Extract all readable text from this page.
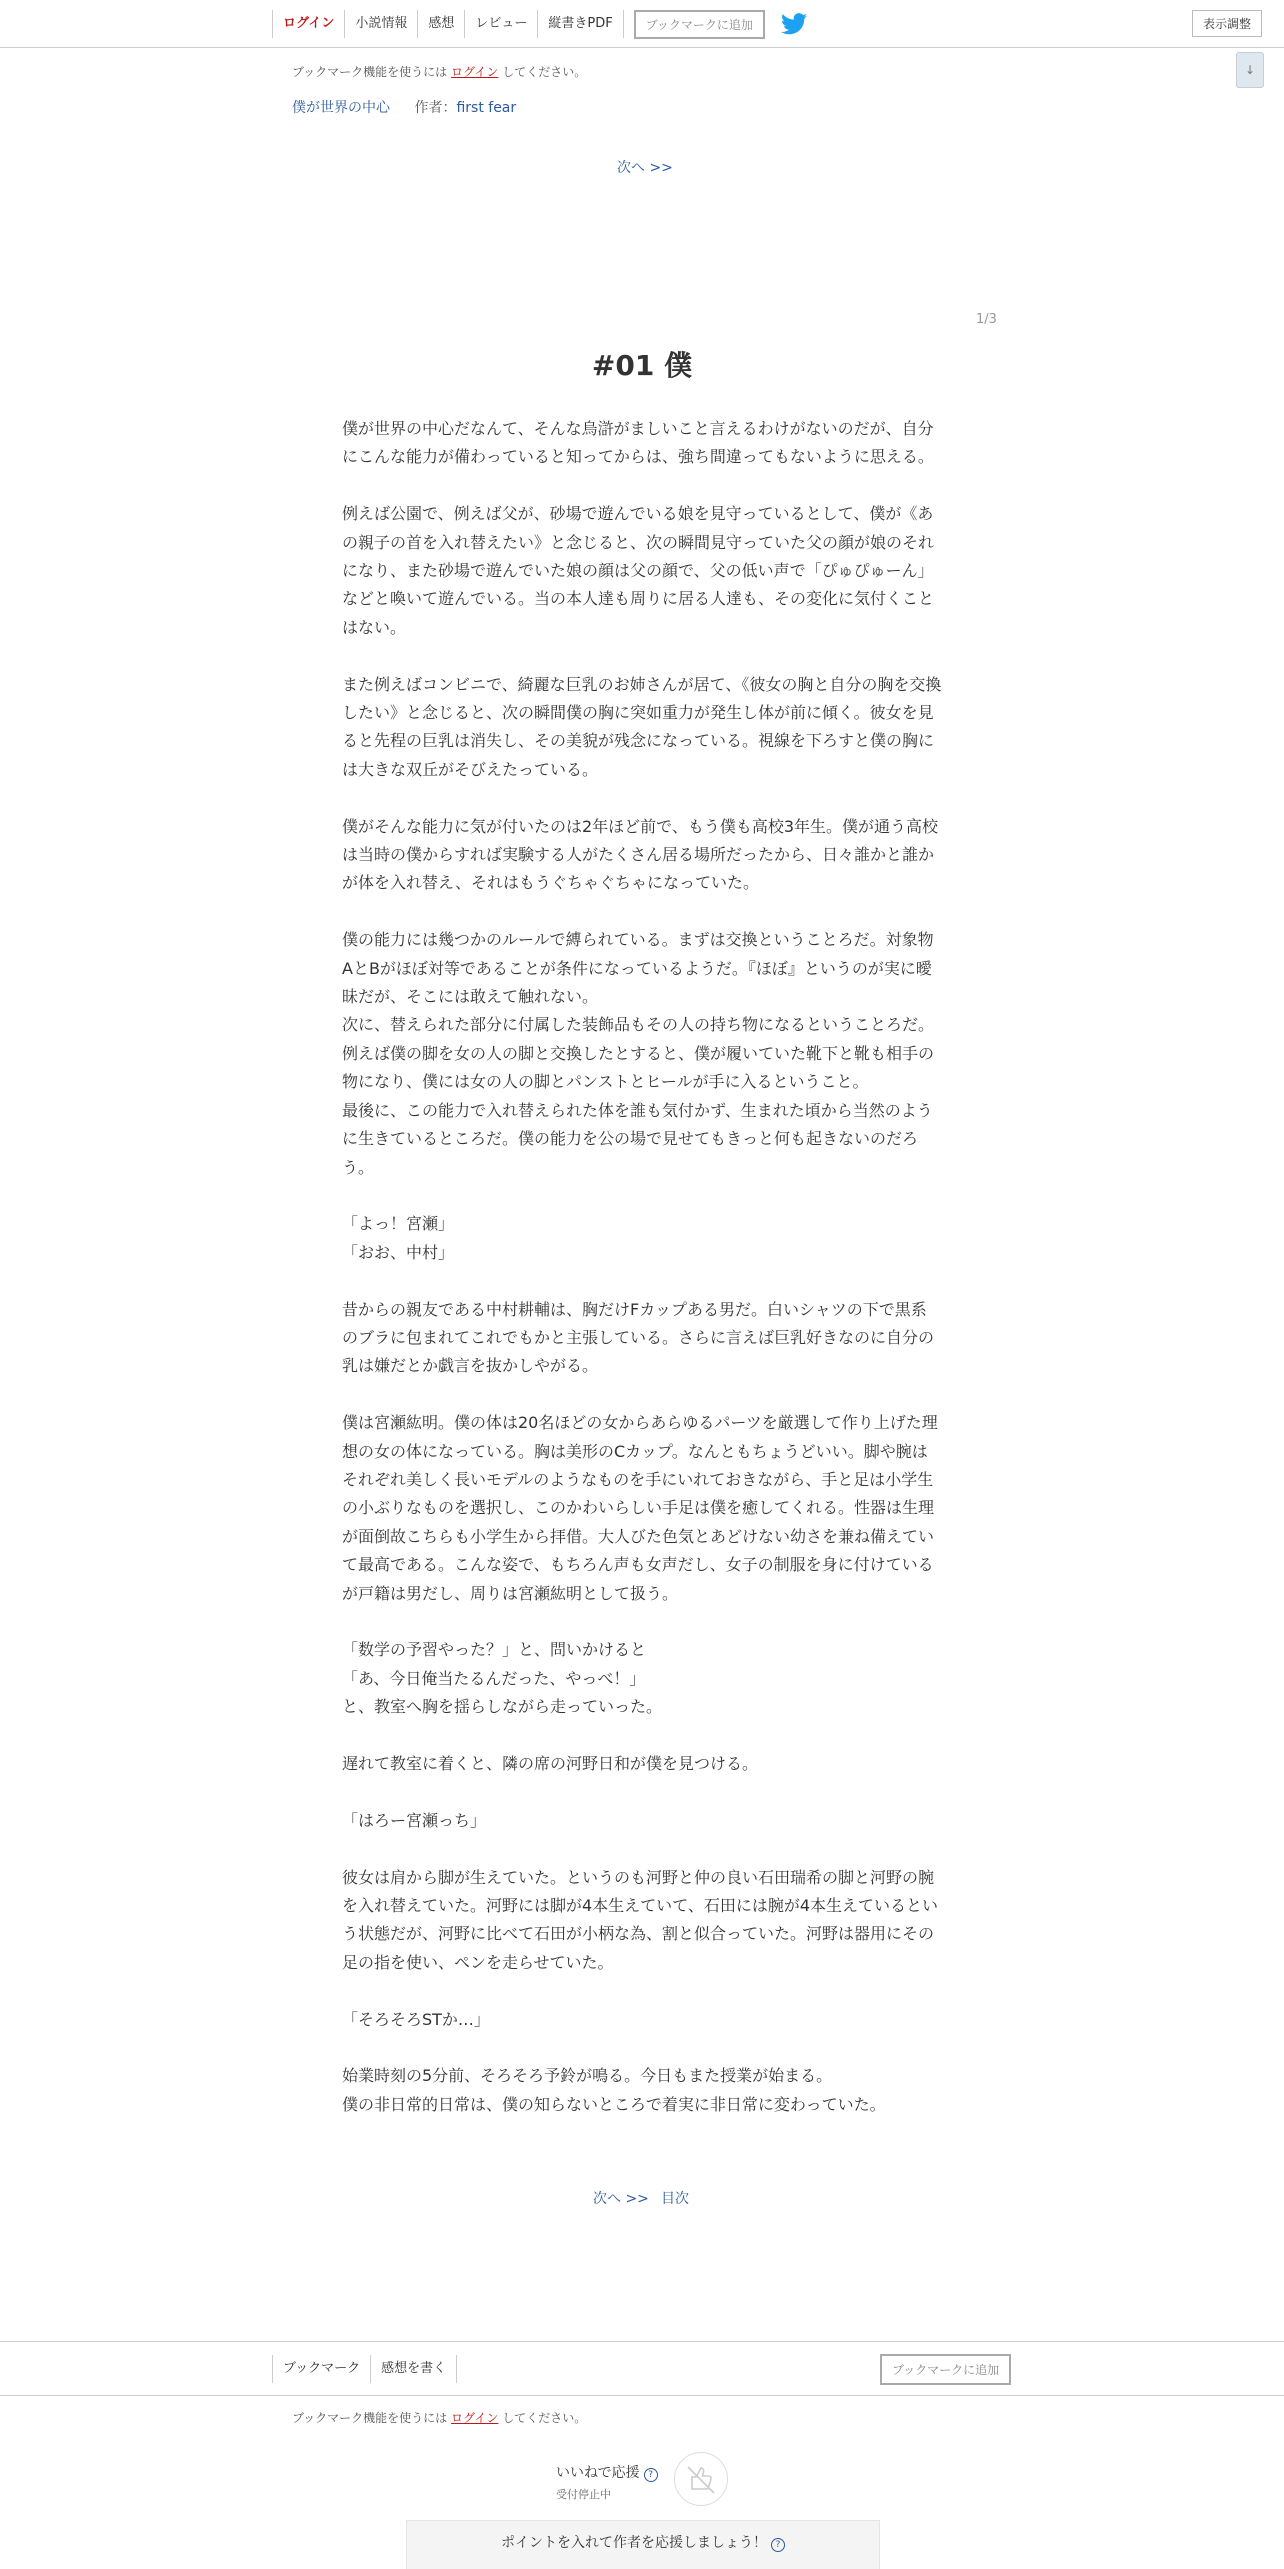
ログイン	小説情報	感想	レビュー	縦書きPDF	ブックマークに追加	表示調整
↓
ブックマーク機能を使うには ログイン してください。
僕が世界の中心 作者：first fear
次へ >>
1/3
#01 僕

僕が世界の中心だなんて、そんな烏滸がましいこと言えるわけがないのだが、自分にこんな能力が備わっていると知ってからは、強ち間違ってもないように思える。

例えば公園で、例えば父が、砂場で遊んでいる娘を見守っているとして、僕が《あの親子の首を入れ替えたい》と念じると、次の瞬間見守っていた父の顔が娘のそれになり、また砂場で遊んでいた娘の顔は父の顔で、父の低い声で「ぴゅぴゅーん」などと喚いて遊んでいる。当の本人達も周りに居る人達も、その変化に気付くことはない。

また例えばコンビニで、綺麗な巨乳のお姉さんが居て、《彼女の胸と自分の胸を交換したい》と念じると、次の瞬間僕の胸に突如重力が発生し体が前に傾く。彼女を見ると先程の巨乳は消失し、その美貌が残念になっている。視線を下ろすと僕の胸には大きな双丘がそびえたっている。

僕がそんな能力に気が付いたのは2年ほど前で、もう僕も高校3年生。僕が通う高校は当時の僕からすれば実験する人がたくさん居る場所だったから、日々誰かと誰かが体を入れ替え、それはもうぐちゃぐちゃになっていた。

僕の能力には幾つかのルールで縛られている。まずは交換ということろだ。対象物AとBがほぼ対等であることが条件になっているようだ。『ほぼ』というのが実に曖昧だが、そこには敢えて触れない。

次に、替えられた部分に付属した装飾品もその人の持ち物になるということろだ。例えば僕の脚を女の人の脚と交換したとすると、僕が履いていた靴下と靴も相手の物になり、僕には女の人の脚とパンストとヒールが手に入るということ。

最後に、この能力で入れ替えられた体を誰も気付かず、生まれた頃から当然のように生きているところだ。僕の能力を公の場で見せてもきっと何も起きないのだろう。

「よっ！宮瀬」

「おお、中村」

昔からの親友である中村耕輔は、胸だけFカップある男だ。白いシャツの下で黒系のブラに包まれてこれでもかと主張している。さらに言えば巨乳好きなのに自分の乳は嫌だとか戯言を抜かしやがる。

僕は宮瀬紘明。僕の体は20名ほどの女からあらゆるパーツを厳選して作り上げた理想の女の体になっている。胸は美形のCカップ。なんともちょうどいい。脚や腕はそれぞれ美しく長いモデルのようなものを手にいれておきながら、手と足は小学生の小ぶりなものを選択し、このかわいらしい手足は僕を癒してくれる。性器は生理が面倒故こちらも小学生から拝借。大人びた色気とあどけない幼さを兼ね備えていて最高である。こんな姿で、もちろん声も女声だし、女子の制服を身に付けているが戸籍は男だし、周りは宮瀬紘明として扱う。

「数学の予習やった？」と、問いかけると

「あ、今日俺当たるんだった、やっべ！」

と、教室へ胸を揺らしながら走っていった。

遅れて教室に着くと、隣の席の河野日和が僕を見つける。

「はろー宮瀬っち」

彼女は肩から脚が生えていた。というのも河野と仲の良い石田瑞希の脚と河野の腕を入れ替えていた。河野には脚が4本生えていて、石田には腕が4本生えているという状態だが、河野に比べて石田が小柄な為、割と似合っていた。河野は器用にその足の指を使い、ペンを走らせていた。

「そろそろSTか…」

始業時刻の5分前、そろそろ予鈴が鳴る。今日もまた授業が始まる。

僕の非日常的日常は、僕の知らないところで着実に非日常に変わっていた。

次へ >> 目次
ブックマーク	感想を書く	ブックマークに追加
ブックマーク機能を使うには ログイン してください。
いいねで応援 ?
受付停止中
ポイントを入れて作者を応援しましょう！ ?
